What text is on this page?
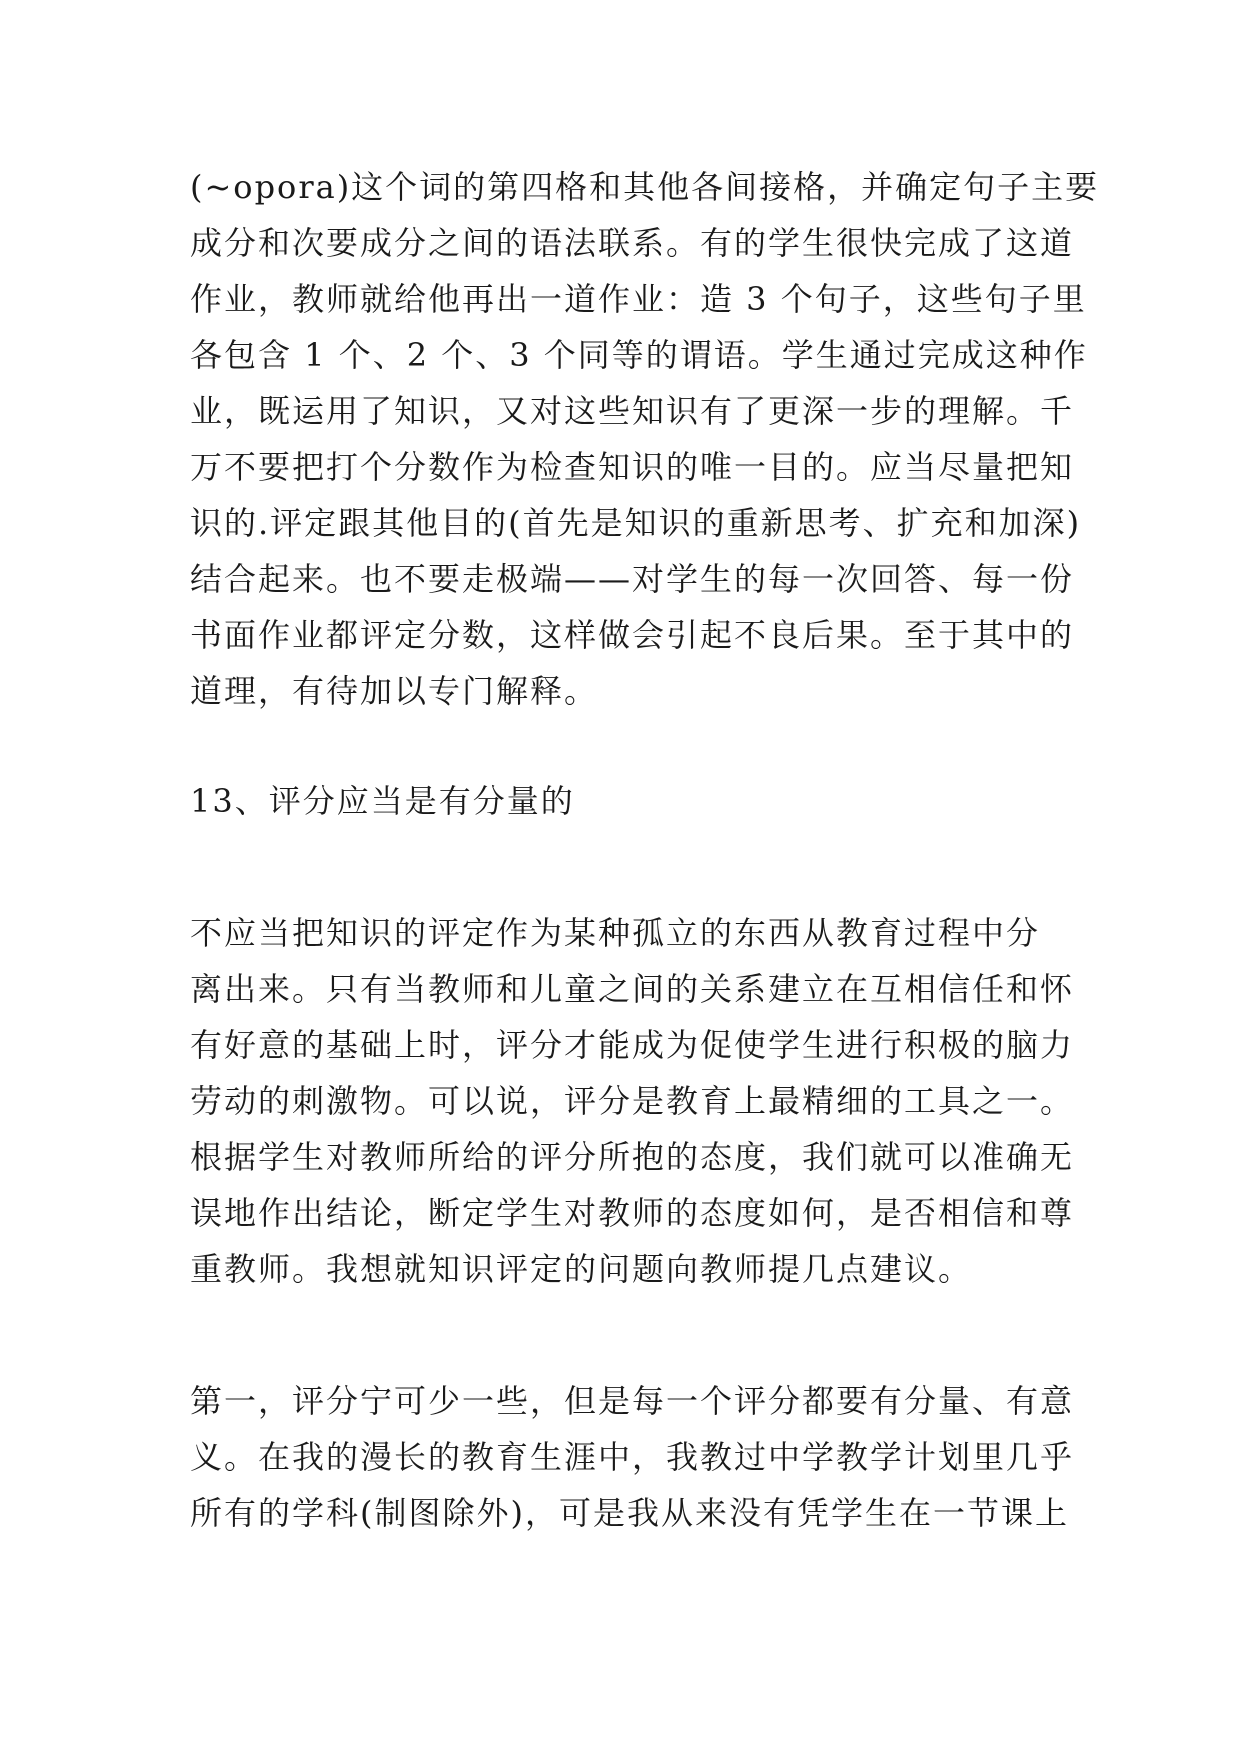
(~opora)这个词的第四格和其他各间接格，并确定句子主要
成分和次要成分之间的语法联系。有的学生很快完成了这道
作业，教师就给他再出一道作业：造 3 个句子，这些句子里
各包含 1 个、2 个、3 个同等的谓语。学生通过完成这种作
业，既运用了知识，又对这些知识有了更深一步的理解。千
万不要把打个分数作为检查知识的唯一目的。应当尽量把知
识的.评定跟其他目的(首先是知识的重新思考、扩充和加深)
结合起来。也不要走极端——对学生的每一次回答、每一份
书面作业都评定分数，这样做会引起不良后果。至于其中的
道理，有待加以专门解释。
13、评分应当是有分量的
不应当把知识的评定作为某种孤立的东西从教育过程中分
离出来。只有当教师和儿童之间的关系建立在互相信任和怀
有好意的基础上时，评分才能成为促使学生进行积极的脑力
劳动的刺激物。可以说，评分是教育上最精细的工具之一。
根据学生对教师所给的评分所抱的态度，我们就可以准确无
误地作出结论，断定学生对教师的态度如何，是否相信和尊
重教师。我想就知识评定的问题向教师提几点建议。
第一，评分宁可少一些，但是每一个评分都要有分量、有意
义。在我的漫长的教育生涯中，我教过中学教学计划里几乎
所有的学科(制图除外)，可是我从来没有凭学生在一节课上
